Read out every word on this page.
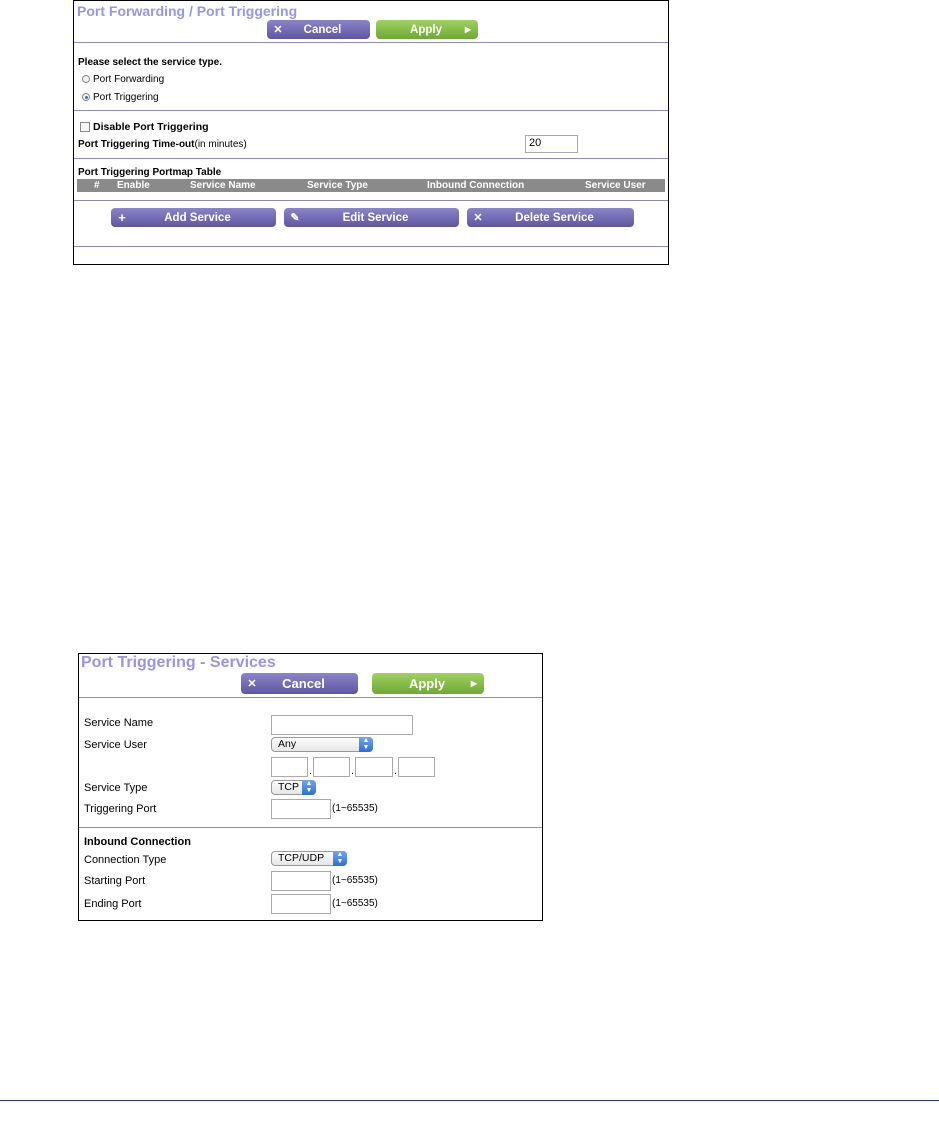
Port Forwarding / Port Triggering
✕	Cancel	Apply	▶
Please select the service type.
Port Forwarding
Port Triggering
Disable Port Triggering
Port Triggering Time-out(in minutes)	20
Port Triggering Portmap Table
# Enable	Service Name	Service Type	Inbound Connection	Service User
+	Add Service	✎	Edit Service	✕	Delete Service
Port Triggering - Services
✕	Cancel	Apply	▶
Service Name
Service User	Any	▲
▼
.	.	.
Service Type	TCP ▲
▼
Triggering Port	(1~65535)
Inbound Connection
Connection Type	TCP/UDP	▲
▼
Starting Port	(1~65535)
Ending Port	(1~65535)
